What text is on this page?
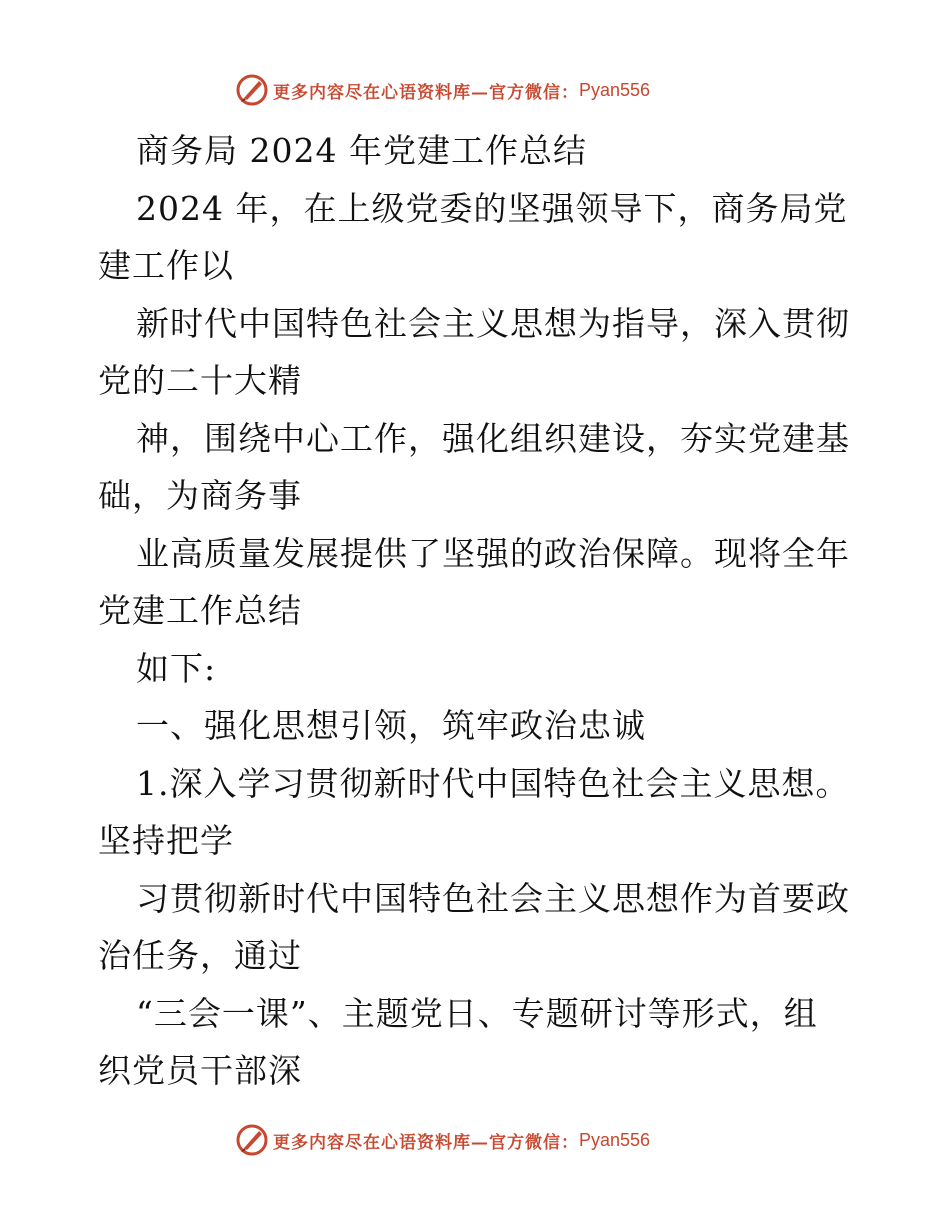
更多内容尽在心语资料库—官方微信： Pyan556
商务局 2024 年党建工作总结
2024 年，在上级党委的坚强领导下，商务局党
建工作以
新时代中国特色社会主义思想为指导，深入贯彻
党的二十大精
神，围绕中心工作，强化组织建设，夯实党建基
础，为商务事
业高质量发展提供了坚强的政治保障。现将全年
党建工作总结
如下:
一、强化思想引领，筑牢政治忠诚
1.深入学习贯彻新时代中国特色社会主义思想。
坚持把学
习贯彻新时代中国特色社会主义思想作为首要政
治任务，通过
“三会一课”、主题党日、专题研讨等形式，组
织党员干部深
更多内容尽在心语资料库—官方微信： Pyan556
